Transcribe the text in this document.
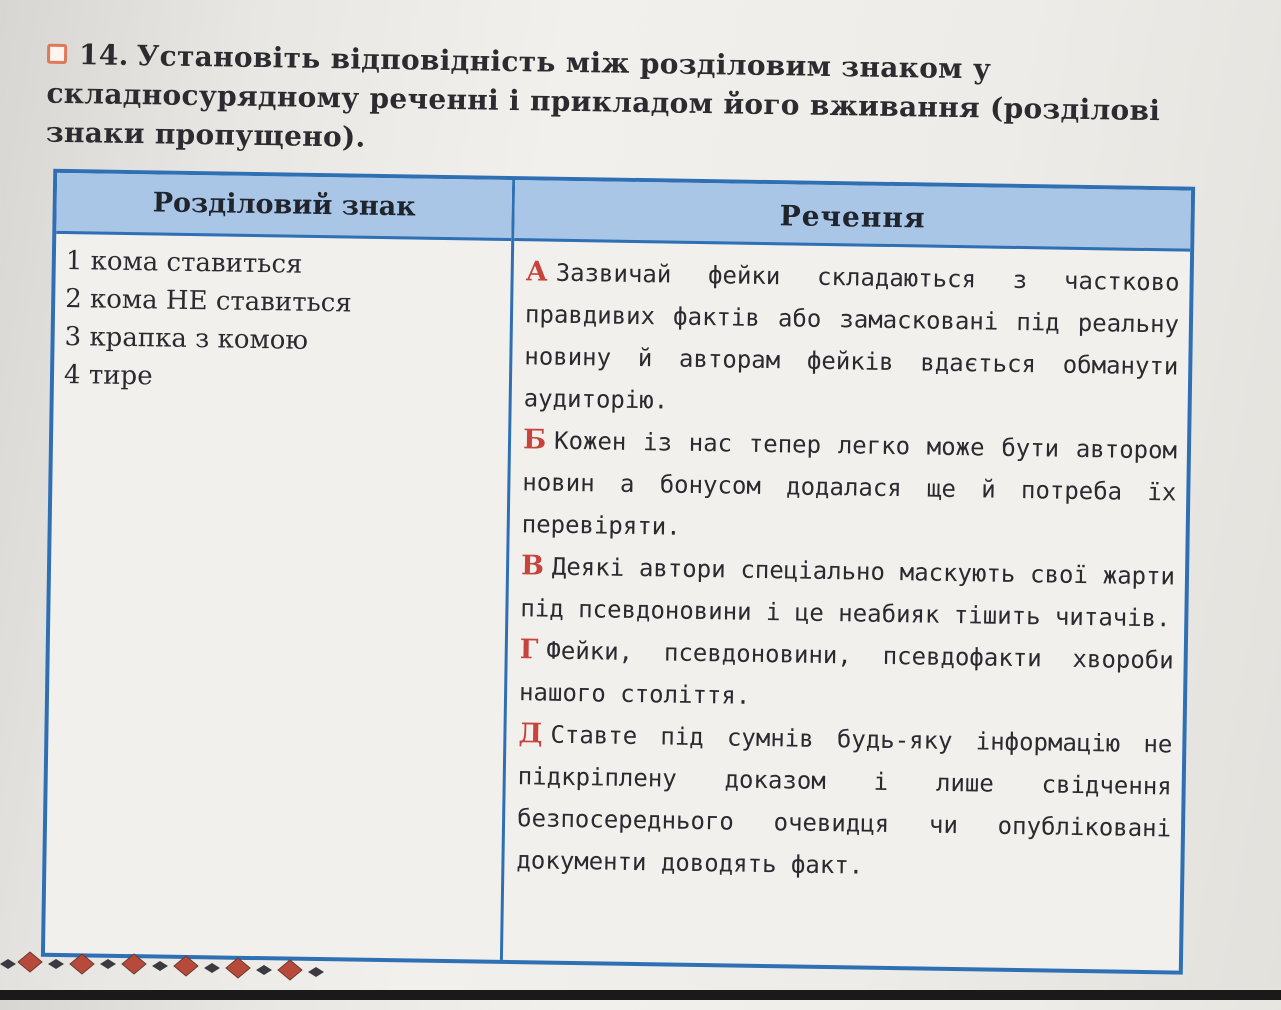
14. Установіть відповідність між розділовим знаком у складносурядному реченні і прикладом його вживання (розділові знаки пропущено).
Розділовий знак
1 кома ставиться
2 кома НЕ ставиться
3 крапка з комою
4 тире
Речення

А Зазвичай фейки складаються з частково правдивих фактів або замасковані під реальну новину й авторам фейків вдається обманути аудиторію.

Б Кожен із нас тепер легко може бути автором новин а бонусом додалася ще й потреба їх перевіряти.

В Деякі автори спеціально маскують свої жарти під псевдоновини і це неабияк тішить читачів.

Г Фейки, псевдоновини, псевдофакти хвороби нашого століття.

Д Ставте під сумнів будь-яку інформацію не підкріплену доказом і лише свідчення безпосереднього очевидця чи опубліковані документи доводять факт.
